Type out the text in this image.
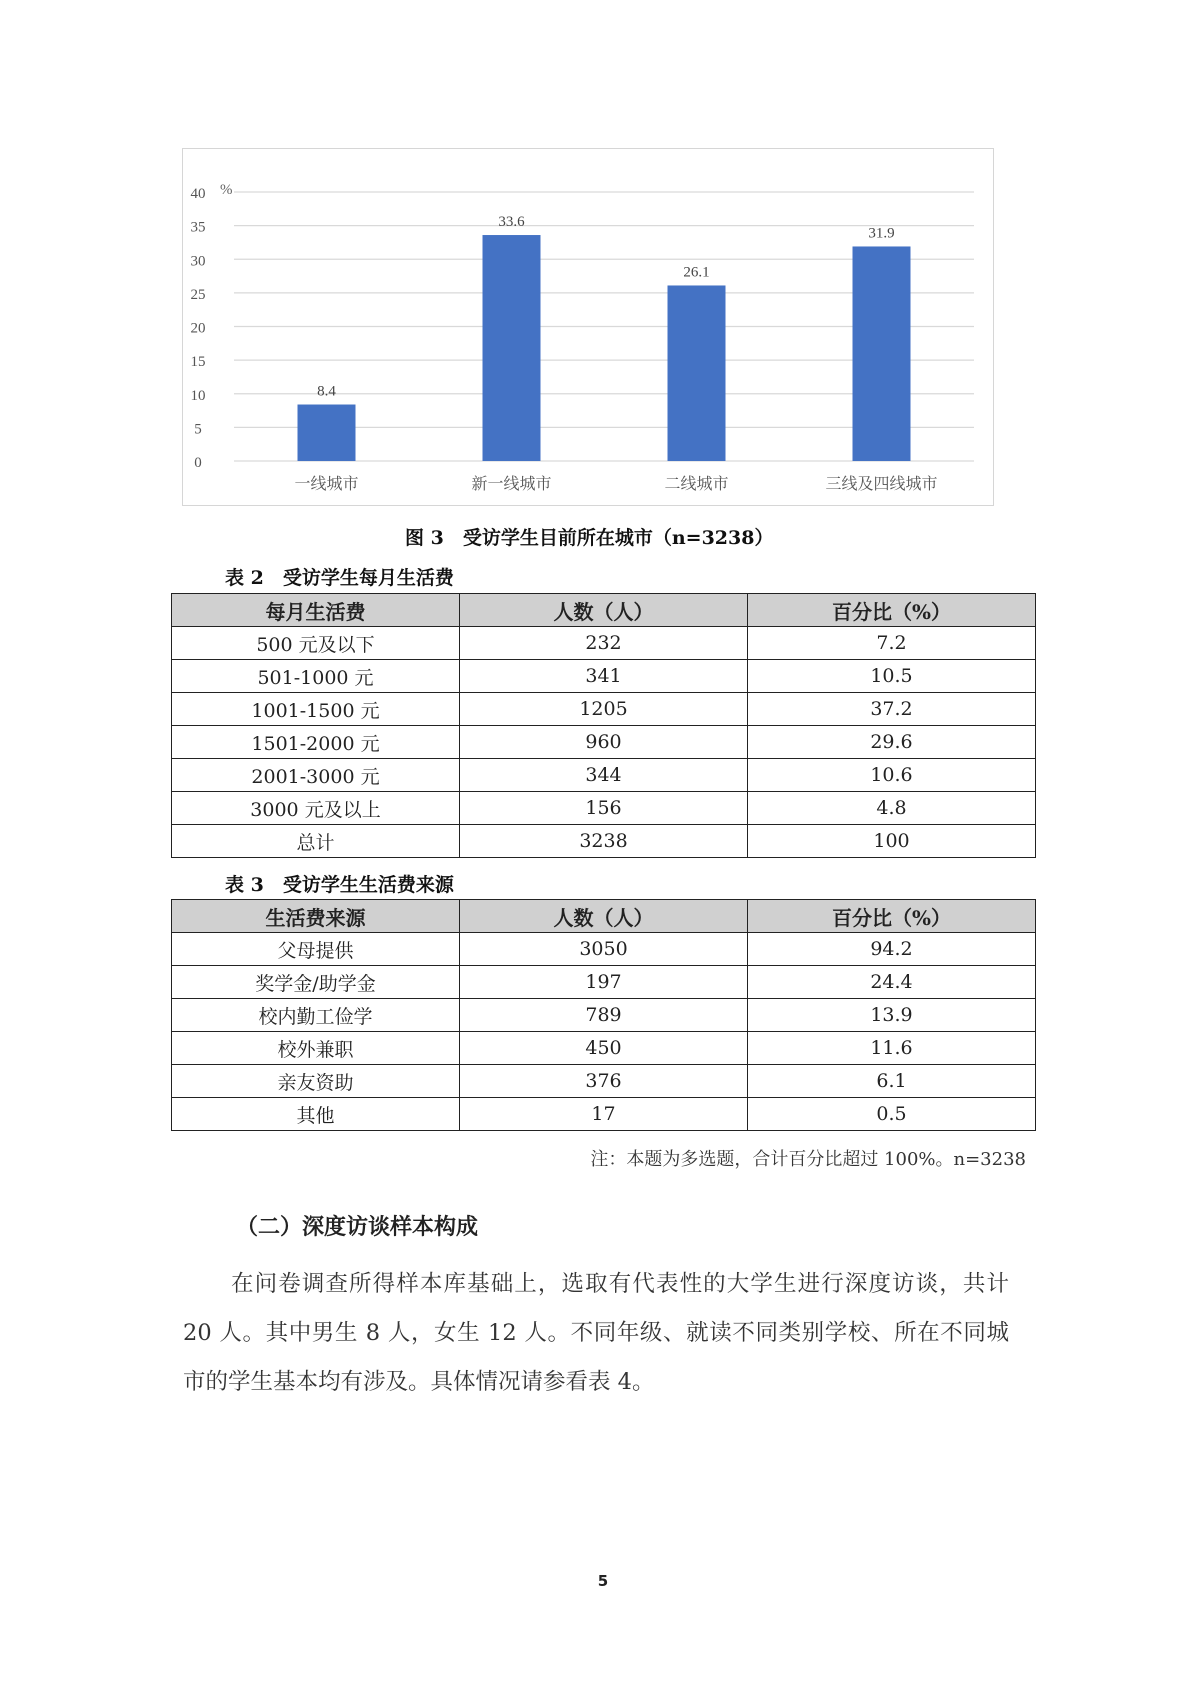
0
5
10
15
20
25
30
35
40 %
8.4
一线城市
33.6
新一线城市
26.1
二线城市
31.9
三线及四线城市
图 3　受访学生目前所在城市（n=3238）
表 2　受访学生每月生活费
每月生活费	人数（人）	百分比（%）
500 元及以下	232	7.2
501-1000 元	341	10.5
1001-1500 元	1205	37.2
1501-2000 元	960	29.6
2001-3000 元	344	10.6
3000 元及以上	156	4.8
总计	3238	100
表 3　受访学生生活费来源
生活费来源	人数（人）	百分比（%）
父母提供	3050	94.2
奖学金/助学金	197	24.4
校内勤工俭学	789	13.9
校外兼职	450	11.6
亲友资助	376	6.1
其他	17	0.5
注：本题为多选题，合计百分比超过 100%。n=3238
（二）深度访谈样本构成
在问卷调查所得样本库基础上，选取有代表性的大学生进行深度访谈，共计 20 人。其中男生 8 人，女生 12 人。不同年级、就读不同类别学校、所在不同城市的学生基本均有涉及。具体情况请参看表 4。
5
